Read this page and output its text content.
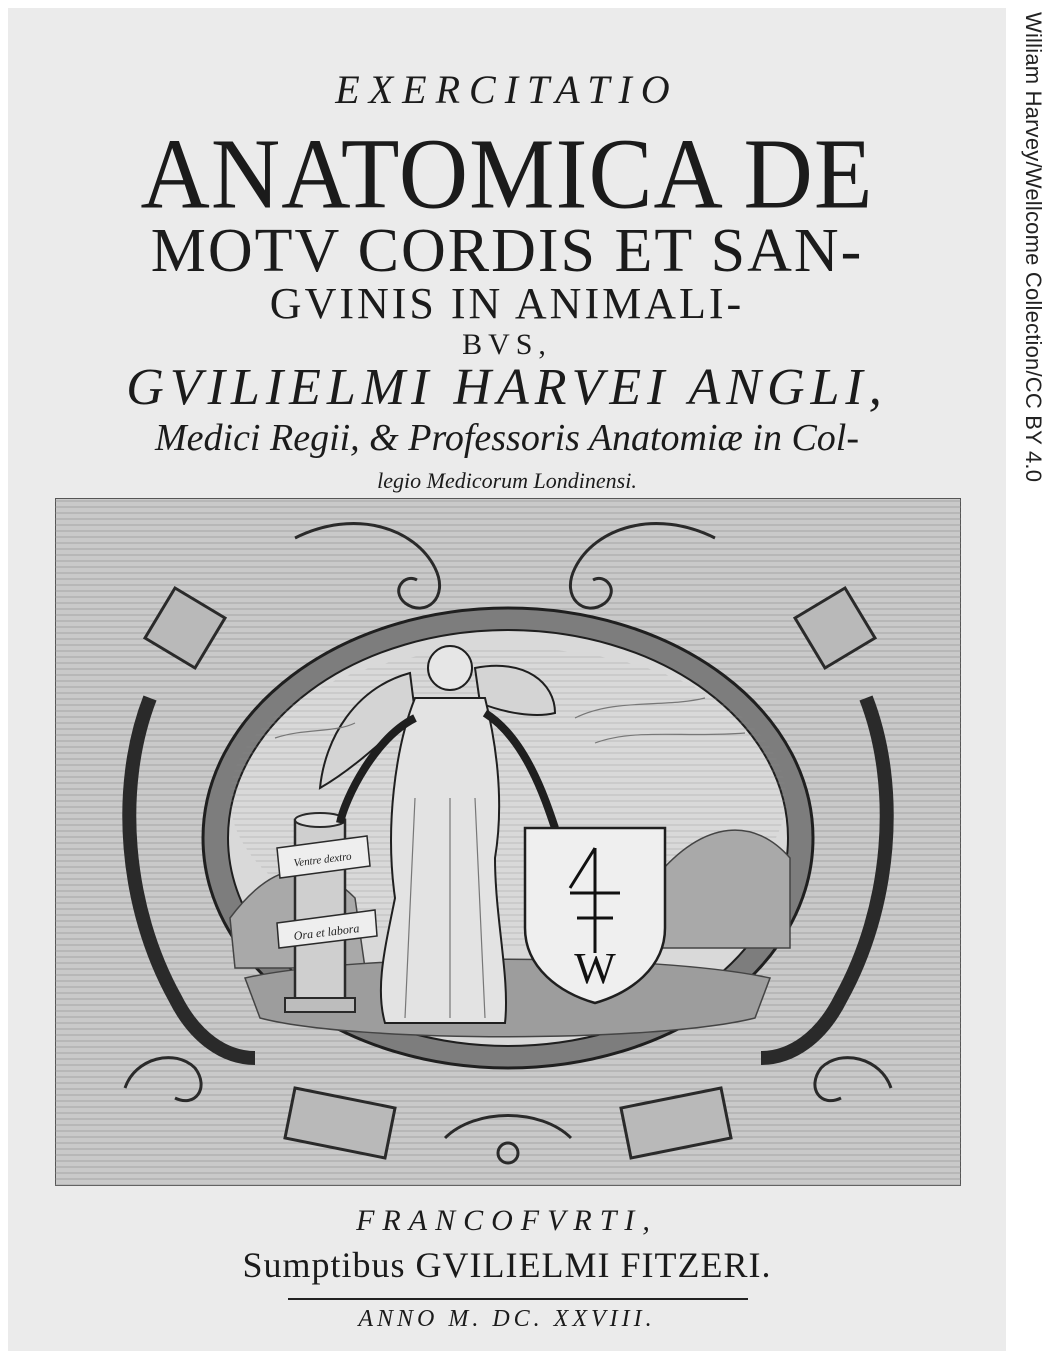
EXERCITATIO
ANATOMICA DE
MOTV CORDIS ET SAN-
GVINIS IN ANIMALI-
BVS,
GVILIELMI HARVEI ANGLI,
Medici Regii, & Professoris Anatomiæ in Col-
legio Medicorum Londinensi.
Ventre dextro
Ora et labora
W
FRANCOFVRTI,
Sumptibus GVILIELMI FITZERI.
ANNO M. DC. XXVIII.
William Harvey/Wellcome Collection/CC BY 4.0
